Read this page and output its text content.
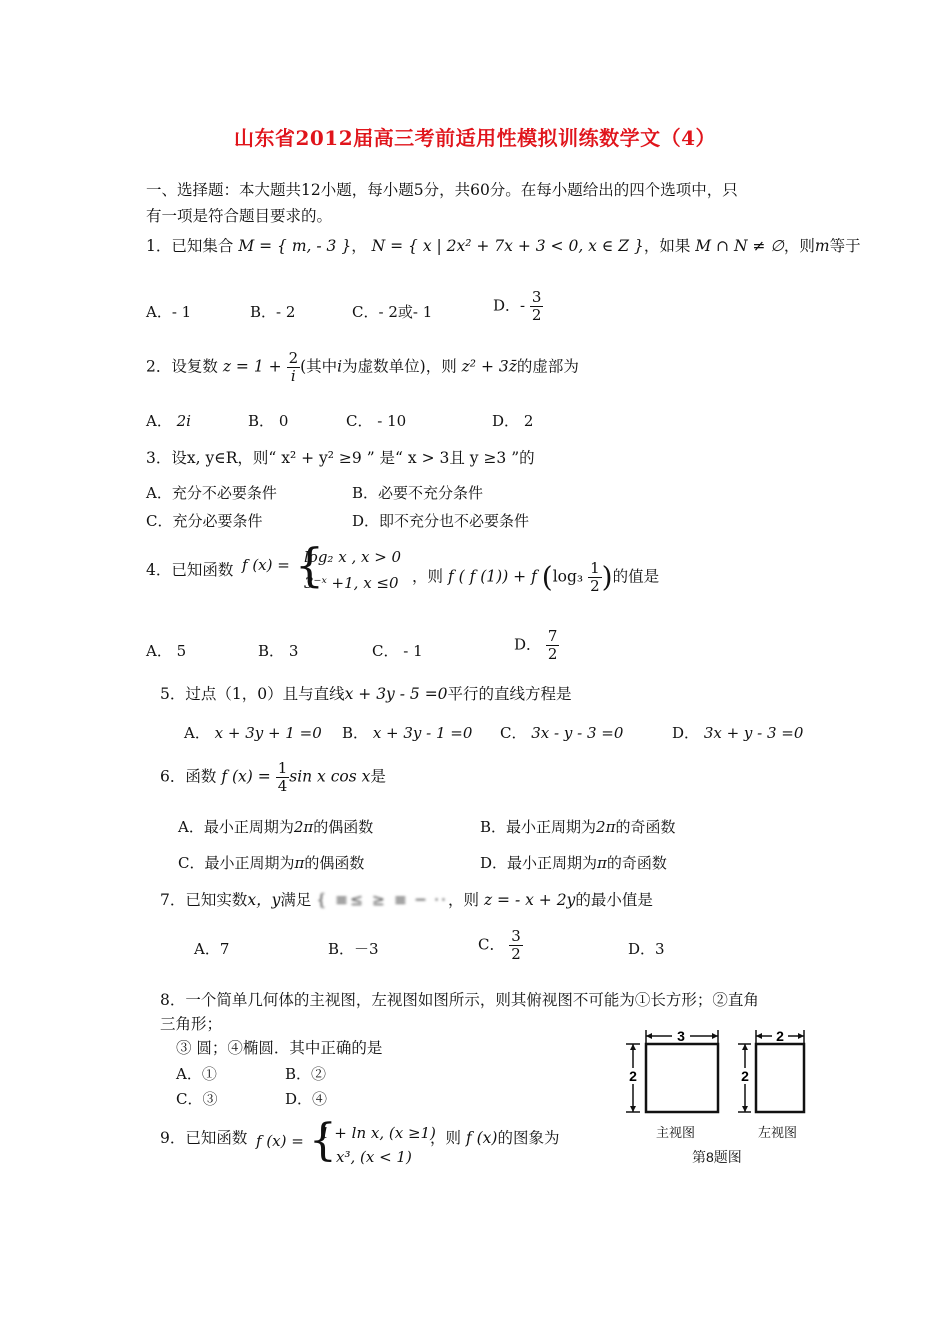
山东省2012届高三考前适用性模拟训练数学文（4）
一、选择题：本大题共12小题，每小题5分，共60分。在每小题给出的四个选项中，只
有一项是符合题目要求的。
1．已知集合 M = { m, - 3 }， N = { x | 2x² + 7x + 3 < 0, x ∈ Z }，如果 M ∩ N ≠ ∅，则m等于
A．- 1	B．- 2	C．- 2或- 1	D．- $\frac{3}{2}$
2．设复数 $z = 1 + \frac{2}{i}$ (其中i为虚数单位)，则 z² + 3z̄的虚部为
A． 2i	B． 0	C． - 10	D． 2
3．设x, y∈R，则“ x² + y² ≥9 ” 是“ x > 3且 y ≥3 ”的
A．充分不必要条件	B．必要不充分条件
C．充分必要条件	D．即不充分也不必要条件
4．已知函数 f (x) = {
log₂ x , x > 0
3⁻ˣ +1, x ≤0 ，则 f ( f (1)) + f ($\log_3 \frac{1}{2}$ )的值是
A． 5	B． 3	C． - 1	D． $\frac{7}{2}$
5．过点（1，0）且与直线x + 3y - 5 =0平行的直线方程是
A． x + 3y + 1 =0 B． x + 3y - 1 =0 C． 3x - y - 3 =0	D． 3x + y - 3 =0
6．函数 f $(x) = \frac{1}{4}$ sin x cos x是
A．最小正周期为2π的偶函数	B．最小正周期为2π的奇函数
C．最小正周期为π的偶函数	D．最小正周期为π的奇函数
7．已知实数x，y满足 { ≡≤ ≥ ≡ ─ ··，则 z = - x + 2y的最小值是
A．7	B．－3	C． $\frac{3}{2}$	D．3
8．一个简单几何体的主视图，左视图如图所示，则其俯视图不可能为①长方形；②直角
三角形；
③ 圆；④椭圆．其中正确的是
A．①	B．②
C．③	D．④
3
2
2
2
主视图	左视图
第8题图
9．已知函数 f (x) = {
1 + ln x, (x ≥1)
x³, (x < 1)
，则 f (x)的图象为
